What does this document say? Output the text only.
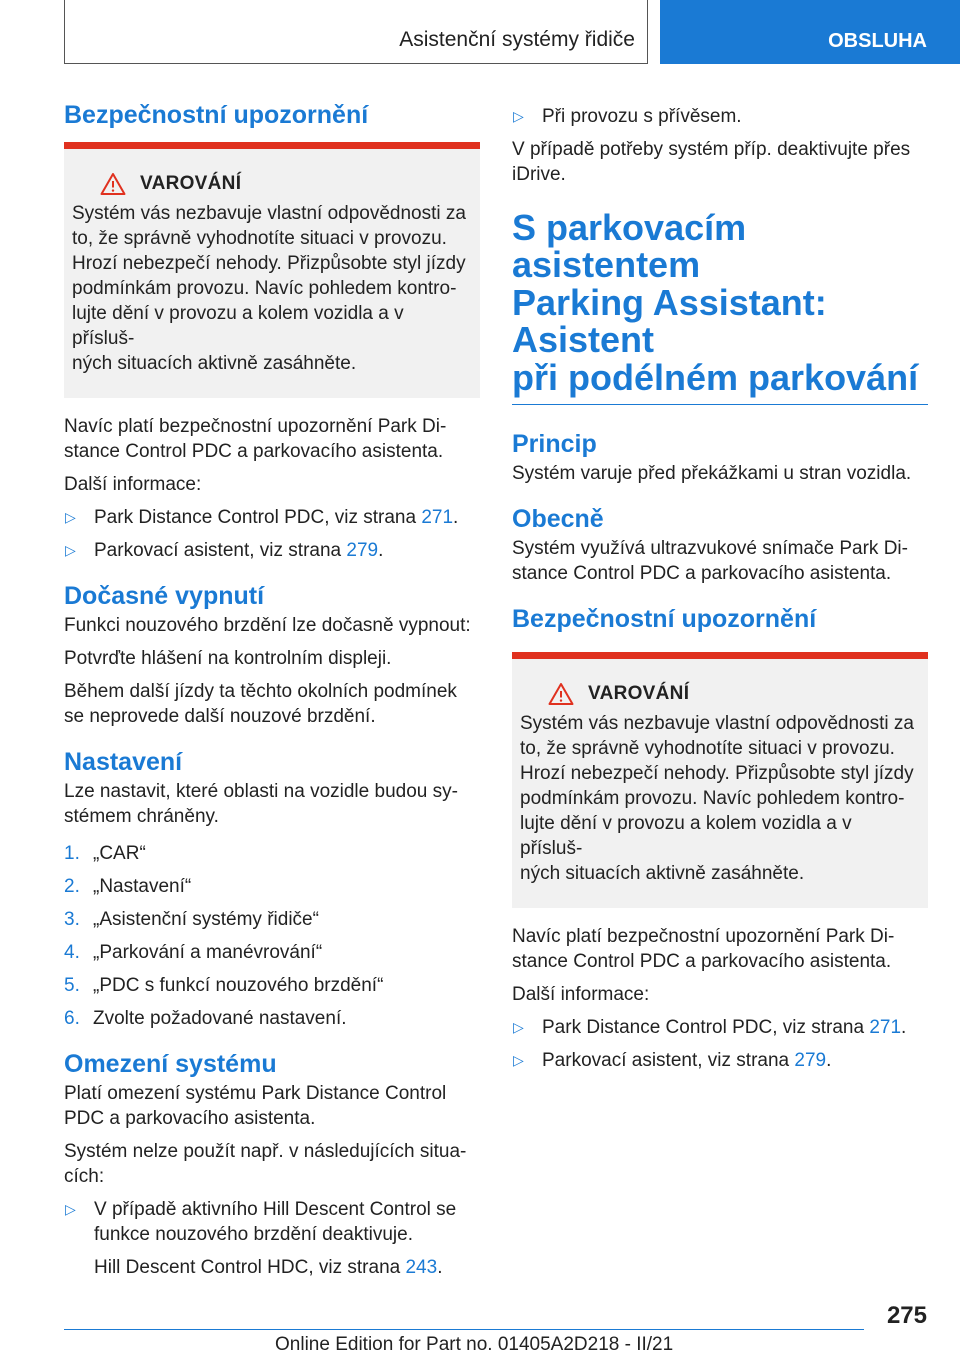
Asistenční systémy řidiče	OBSLUHA
Bezpečnostní upozornění
VAROVÁNÍ

Systém vás nezbavuje vlastní odpovědnosti za

to, že správně vyhodnotíte situaci v provozu.

Hrozí nebezpečí nehody. Přizpůsobte styl jízdy

podmínkám provozu. Navíc pohledem kontro-

lujte dění v provozu a kolem vozidla a v přísluš-

ných situacích aktivně zasáhněte.

Navíc platí bezpečnostní upozornění Park Di-

stance Control PDC a parkovacího asistenta.

Další informace:

▷ Park Distance Control PDC, viz strana 271.
▷ Parkovací asistent, viz strana 279.
Dočasné vypnutí

Funkci nouzového brzdění lze dočasně vypnout:

Potvrďte hlášení na kontrolním displeji.

Během další jízdy ta těchto okolních podmínek

se neprovede další nouzové brzdění.

Nastavení

Lze nastavit, které oblasti na vozidle budou sy-

stémem chráněny.

1. „CAR“
2. „Nastavení“
3. „Asistenční systémy řidiče“
4. „Parkování a manévrování“
5. „PDC s funkcí nouzového brzdění“
6. Zvolte požadované nastavení.
Omezení systému

Platí omezení systému Park Distance Control

PDC a parkovacího asistenta.

Systém nelze použít např. v následujících situa-

cích:

▷ V případě aktivního Hill Descent Control se
funkce nouzového brzdění deaktivuje.
Hill Descent Control HDC, viz strana 243.
▷ Při provozu s přívěsem.

V případě potřeby systém příp. deaktivujte přes

iDrive.

S parkovacím asistentem
Parking Assistant: Asistent
při podélném parkování
Princip

Systém varuje před překážkami u stran vozidla.

Obecně

Systém využívá ultrazvukové snímače Park Di-

stance Control PDC a parkovacího asistenta.

Bezpečnostní upozornění
VAROVÁNÍ

Systém vás nezbavuje vlastní odpovědnosti za

to, že správně vyhodnotíte situaci v provozu.

Hrozí nebezpečí nehody. Přizpůsobte styl jízdy

podmínkám provozu. Navíc pohledem kontro-

lujte dění v provozu a kolem vozidla a v přísluš-

ných situacích aktivně zasáhněte.

Navíc platí bezpečnostní upozornění Park Di-

stance Control PDC a parkovacího asistenta.

Další informace:

▷ Park Distance Control PDC, viz strana 271.
▷ Parkovací asistent, viz strana 279.
275
Online Edition for Part no. 01405A2D218 - II/21
